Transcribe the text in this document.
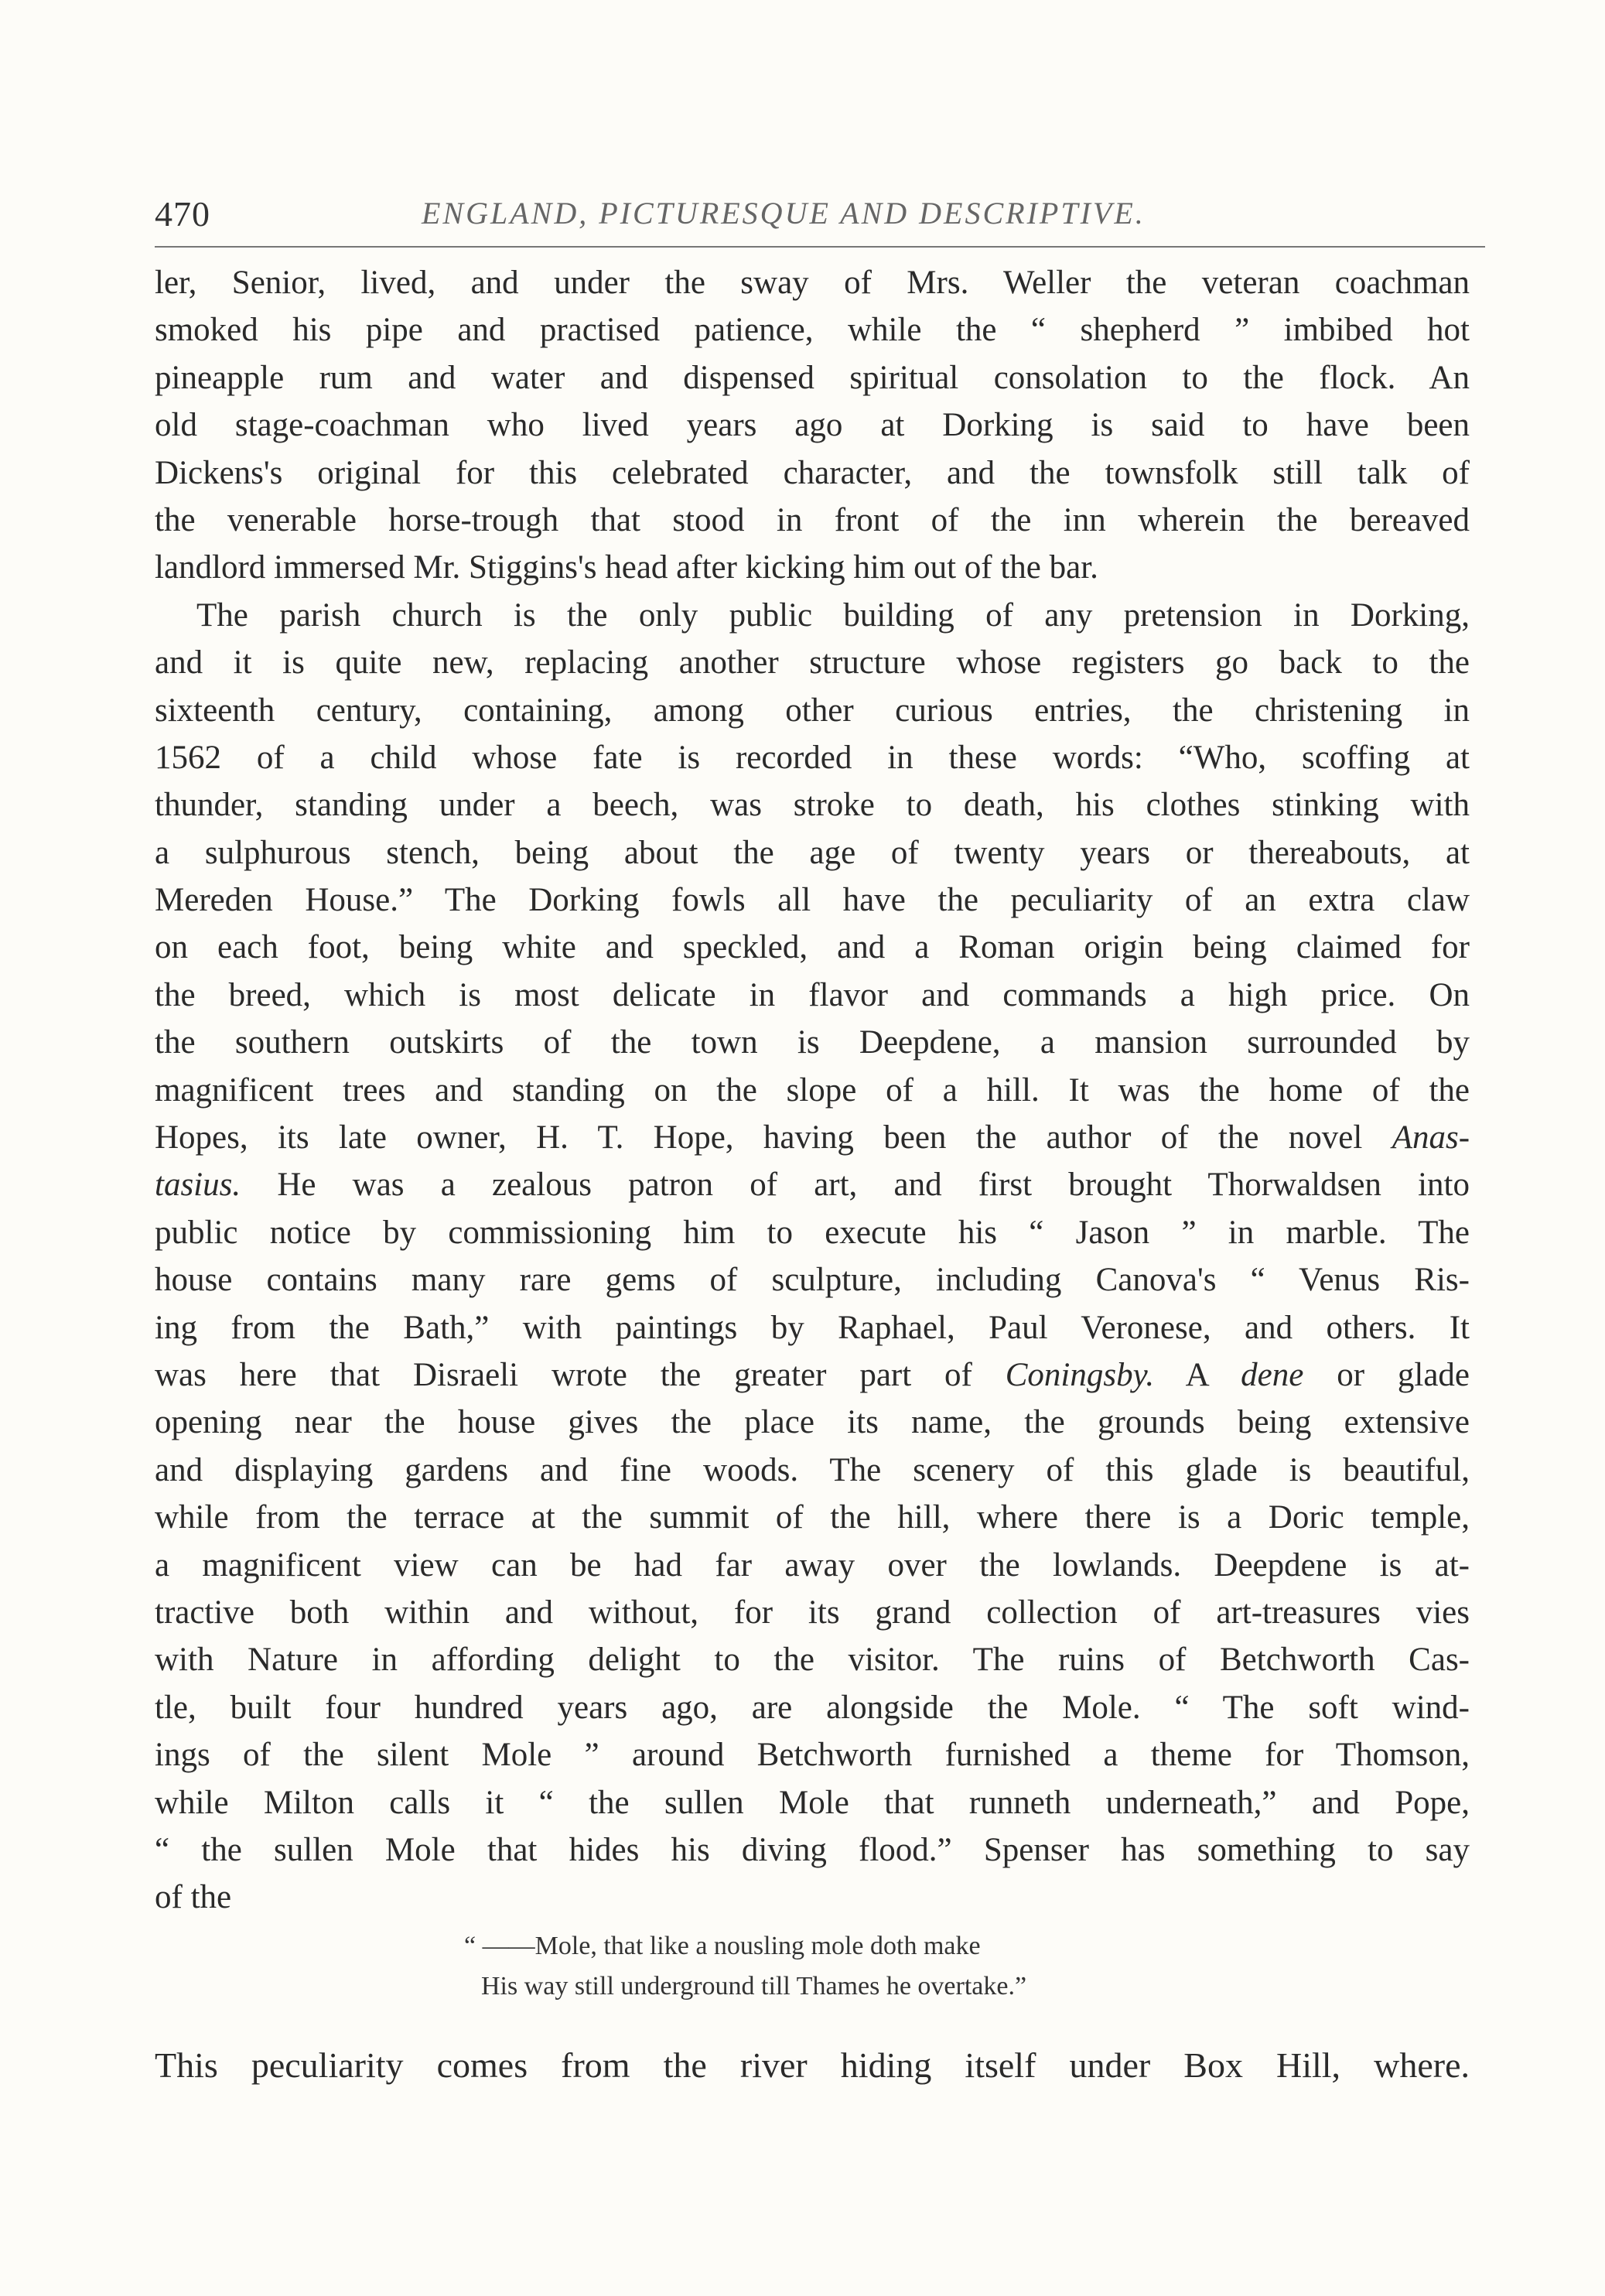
470	ENGLAND, PICTURESQUE AND DESCRIPTIVE.
ler, Senior, lived, and under the sway of Mrs. Weller the veteran coachman
smoked his pipe and practised patience, while the “ shepherd ” imbibed hot
pineapple rum and water and dispensed spiritual consolation to the flock. An
old stage-coachman who lived years ago at Dorking is said to have been
Dickens's original for this celebrated character, and the townsfolk still talk of
the venerable horse-trough that stood in front of the inn wherein the bereaved
landlord immersed Mr. Stiggins's head after kicking him out of the bar.
The parish church is the only public building of any pretension in Dorking,
and it is quite new, replacing another structure whose registers go back to the
sixteenth century, containing, among other curious entries, the christening in
1562 of a child whose fate is recorded in these words: “Who, scoffing at
thunder, standing under a beech, was stroke to death, his clothes stinking with
a sulphurous stench, being about the age of twenty years or thereabouts, at
Mereden House.” The Dorking fowls all have the peculiarity of an extra claw
on each foot, being white and speckled, and a Roman origin being claimed for
the breed, which is most delicate in flavor and commands a high price. On
the southern outskirts of the town is Deepdene, a mansion surrounded by
magnificent trees and standing on the slope of a hill. It was the home of the
Hopes, its late owner, H. T. Hope, having been the author of the novel Anas-
tasius. He was a zealous patron of art, and first brought Thorwaldsen into
public notice by commissioning him to execute his “ Jason ” in marble. The
house contains many rare gems of sculpture, including Canova's “ Venus Ris-
ing from the Bath,” with paintings by Raphael, Paul Veronese, and others. It
was here that Disraeli wrote the greater part of Coningsby. A dene or glade
opening near the house gives the place its name, the grounds being extensive
and displaying gardens and fine woods. The scenery of this glade is beautiful,
while from the terrace at the summit of the hill, where there is a Doric temple,
a magnificent view can be had far away over the lowlands. Deepdene is at-
tractive both within and without, for its grand collection of art-treasures vies
with Nature in affording delight to the visitor. The ruins of Betchworth Cas-
tle, built four hundred years ago, are alongside the Mole. “ The soft wind-
ings of the silent Mole ” around Betchworth furnished a theme for Thomson,
while Milton calls it “ the sullen Mole that runneth underneath,” and Pope,
“ the sullen Mole that hides his diving flood.” Spenser has something to say
of the
“ ——Mole, that like a nousling mole doth make
His way still underground till Thames he overtake.”
This peculiarity comes from the river hiding itself under Box Hill, where.
